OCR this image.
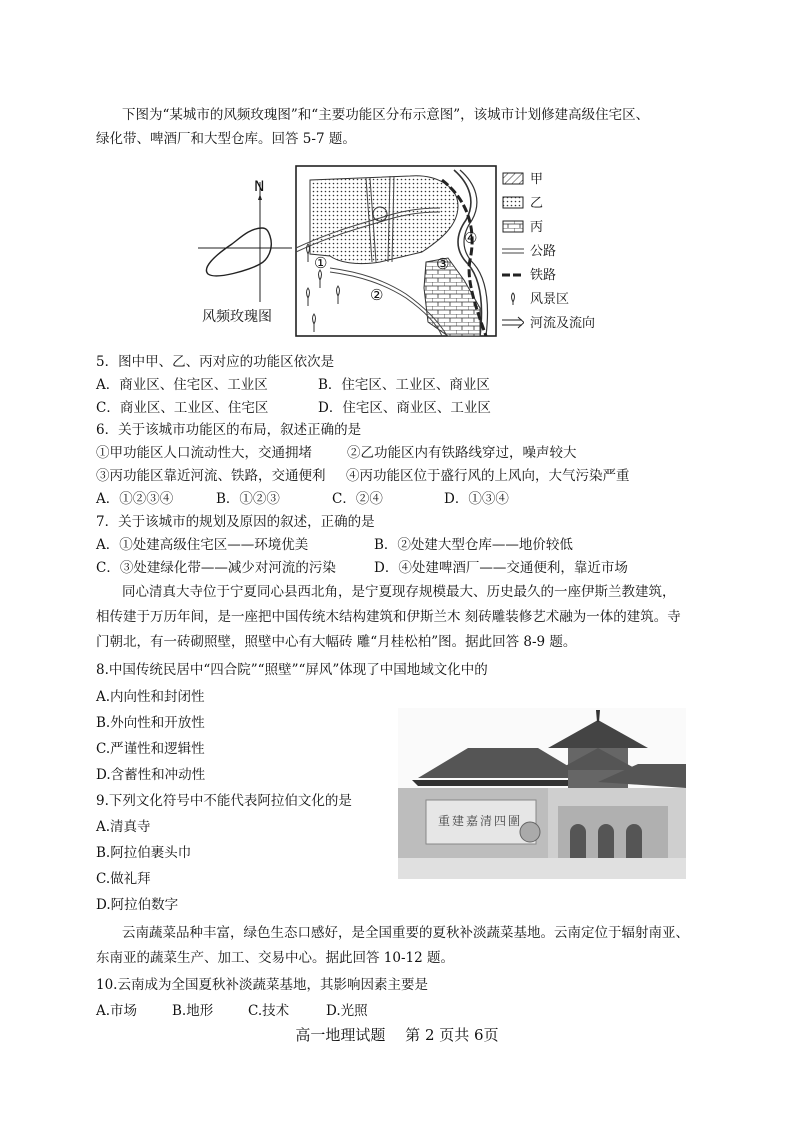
下图为“某城市的风频玫瑰图”和“主要功能区分布示意图”，该城市计划修建高级住宅区、
绿化带、啤酒厂和大型仓库。回答 5-7 题。
N
风频玫瑰图
①
②
③
④
甲
乙
丙
公路
铁路
风景区
河流及流向
5．图中甲、乙、丙对应的功能区依次是
A．商业区、住宅区、工业区	B．住宅区、工业区、商业区
C．商业区、工业区、住宅区	D．住宅区、商业区、工业区
6．关于该城市功能区的布局，叙述正确的是
①甲功能区人口流动性大，交通拥堵	②乙功能区内有铁路线穿过，噪声较大
③丙功能区靠近河流、铁路，交通便利 ④丙功能区位于盛行风的上风向，大气污染严重
A．①②③④	B．①②③	C．②④	D．①③④
7．关于该城市的规划及原因的叙述，正确的是
A．①处建高级住宅区——环境优美	B．②处建大型仓库——地价较低
C．③处建绿化带——减少对河流的污染	D．④处建啤酒厂——交通便利，靠近市场
同心清真大寺位于宁夏同心县西北角，是宁夏现存规模最大、历史最久的一座伊斯兰教建筑，
相传建于万历年间，是一座把中国传统木结构建筑和伊斯兰木 刻砖雕装修艺术融为一体的建筑。寺
门朝北，有一砖砌照壁，照壁中心有大幅砖 雕“月桂松柏”图。据此回答 8-9 题。
8.中国传统民居中“四合院”“照壁”“屏风”体现了中国地域文化中的
A.内向性和封闭性
B.外向性和开放性
C.严谨性和逻辑性
D.含蓄性和冲动性
9.下列文化符号中不能代表阿拉伯文化的是
A.清真寺
B.阿拉伯裹头巾
C.做礼拜
D.阿拉伯数字
重建嘉清四圍
云南蔬菜品种丰富，绿色生态口感好，是全国重要的夏秋补淡蔬菜基地。云南定位于辐射南亚、
东南亚的蔬菜生产、加工、交易中心。据此回答 10-12 题。
10.云南成为全国夏秋补淡蔬菜基地，其影响因素主要是
A.市场	B.地形	C.技术	D.光照
高一地理试题　 第 2 页共 6页
